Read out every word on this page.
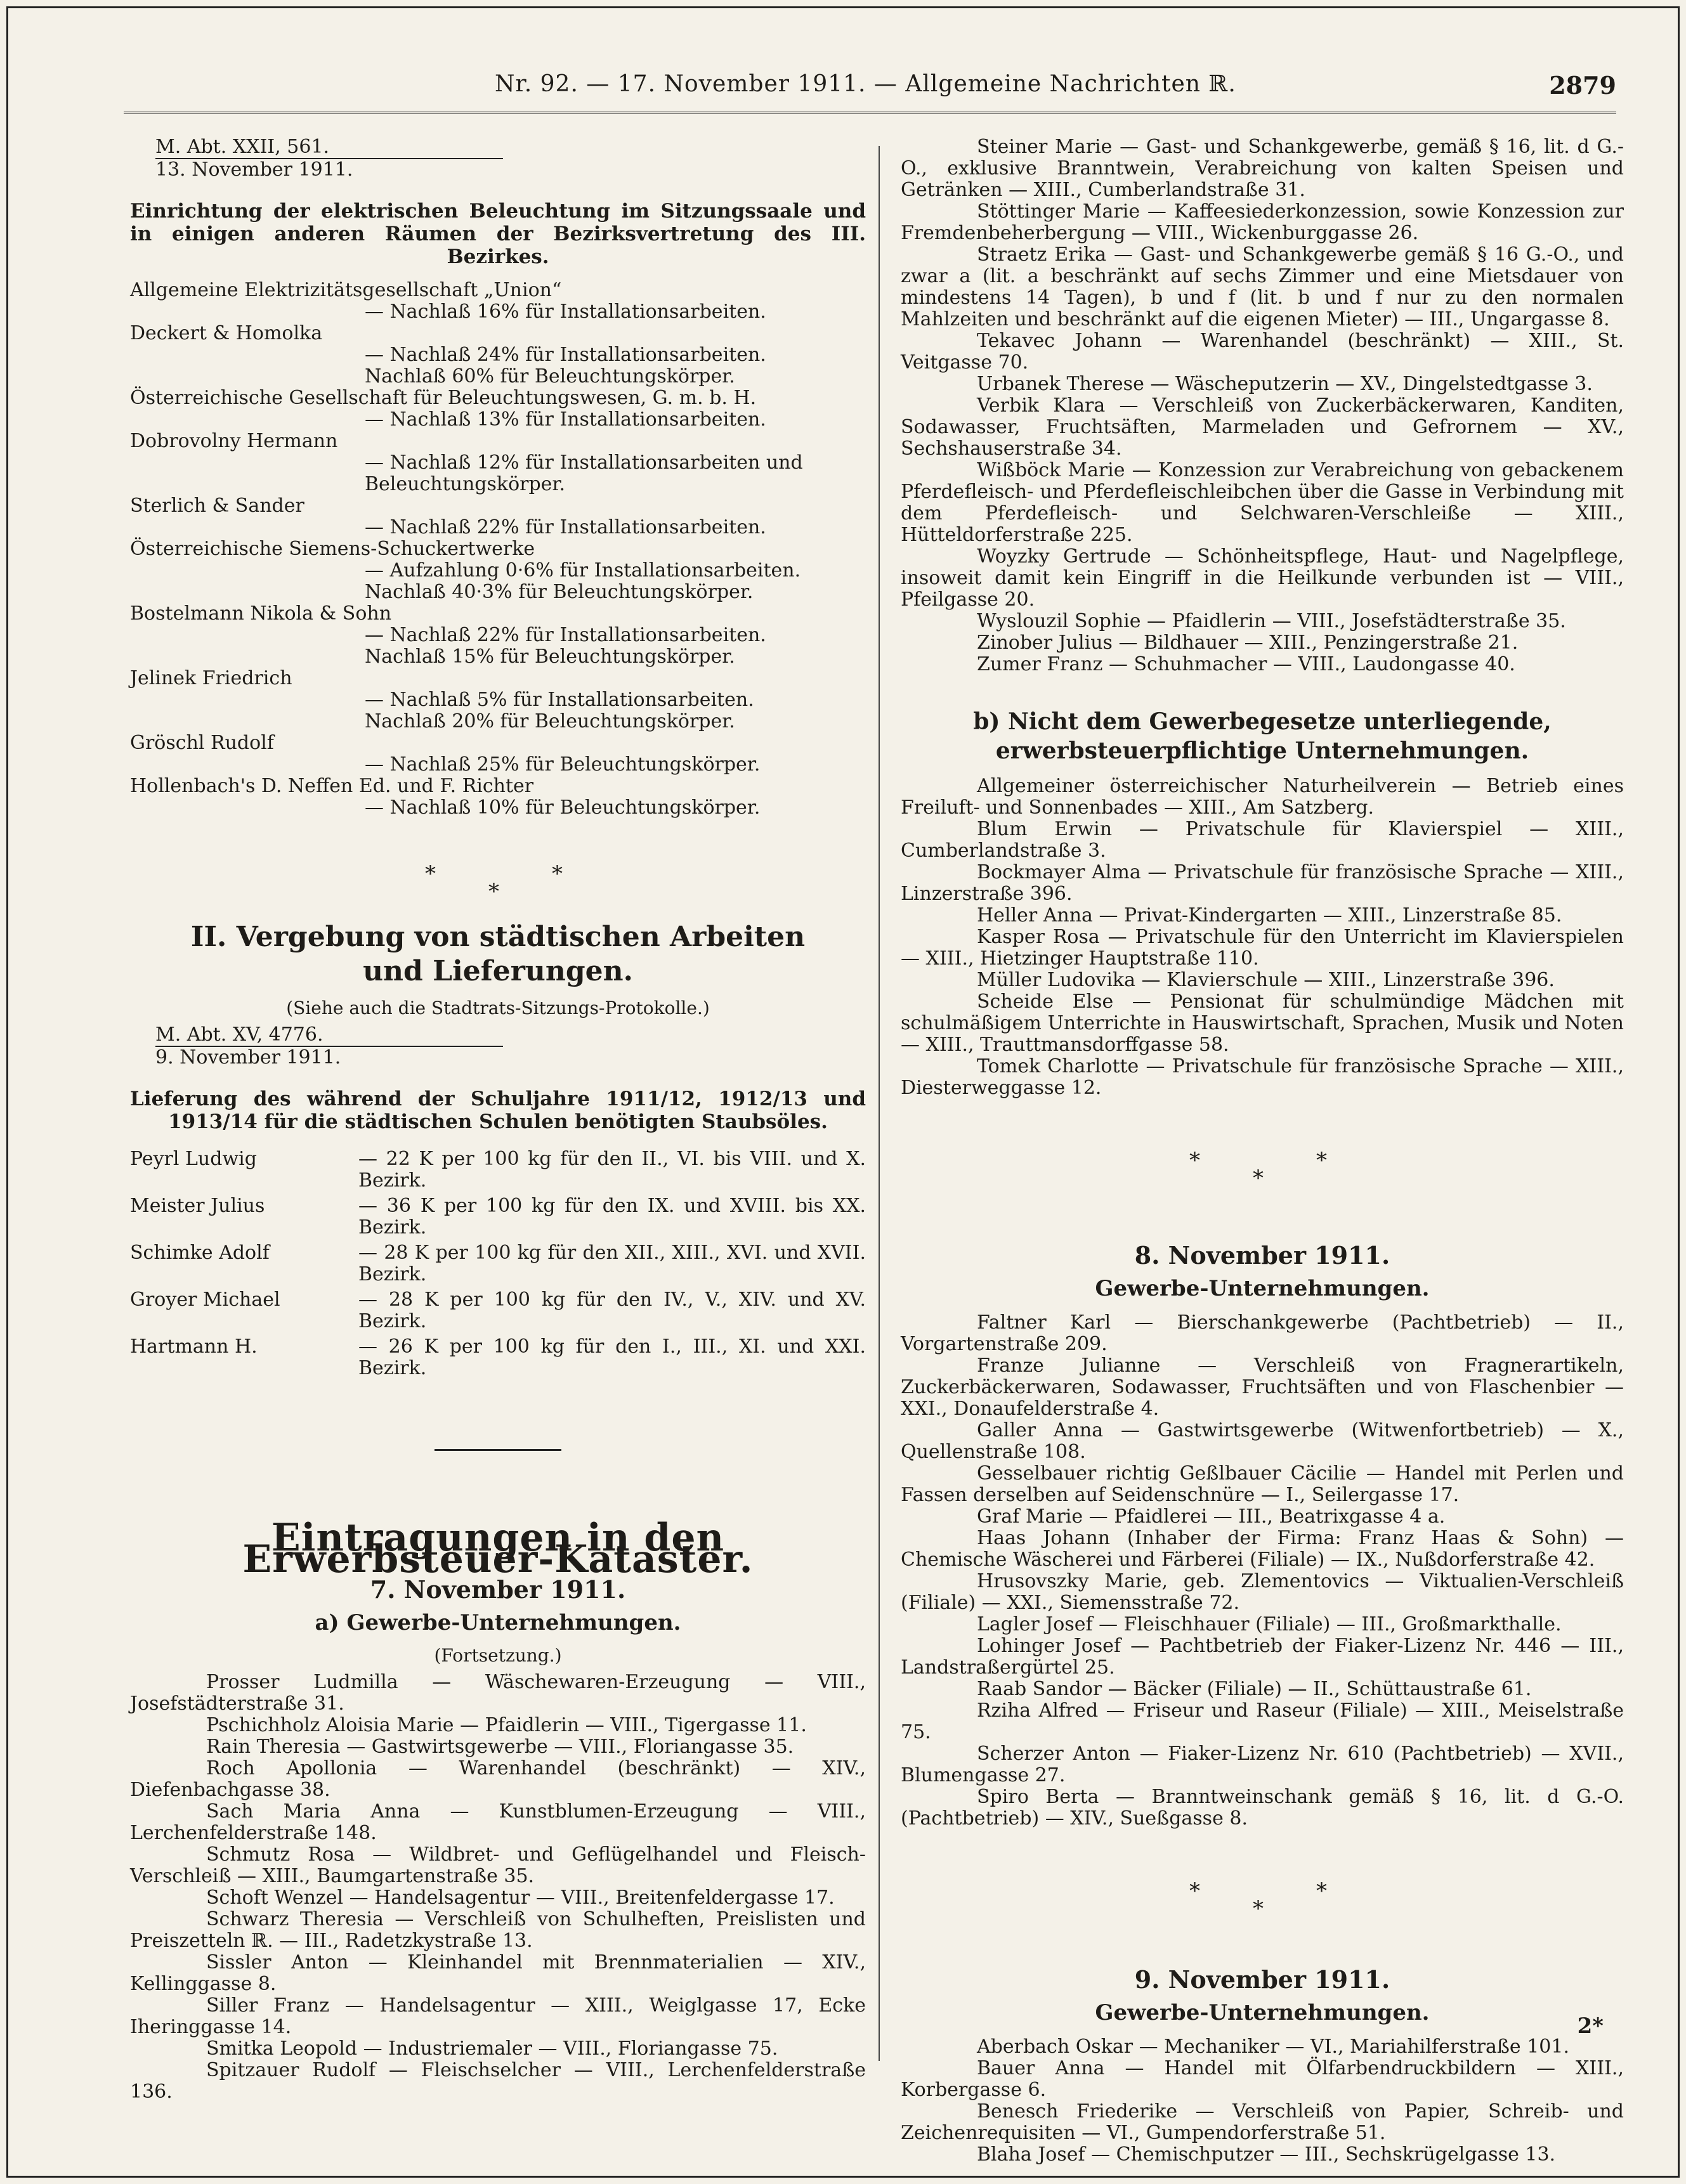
Nr. 92. — 17. November 1911. — Allgemeine Nachrichten ℝ.	2879

M. Abt. XXII, 561.

13. November 1911.

Einrichtung der elektrischen Beleuchtung im Sitzungssaale und in einigen anderen Räumen der Bezirksvertretung des III. Bezirkes.

Allgemeine Elektrizitätsgesellschaft „Union“

— Nachlaß 16% für Installationsarbeiten.

Deckert & Homolka

— Nachlaß 24% für Installationsarbeiten.

Nachlaß 60% für Beleuchtungskörper.

Österreichische Gesellschaft für Beleuchtungswesen, G. m. b. H.

— Nachlaß 13% für Installationsarbeiten.

Dobrovolny Hermann

— Nachlaß 12% für Installationsarbeiten und Beleuchtungskörper.

Sterlich & Sander

— Nachlaß 22% für Installationsarbeiten.

Österreichische Siemens-Schuckertwerke

— Aufzahlung 0·6% für Installationsarbeiten.

Nachlaß 40·3% für Beleuchtungskörper.

Bostelmann Nikola & Sohn

— Nachlaß 22% für Installationsarbeiten.

Nachlaß 15% für Beleuchtungskörper.

Jelinek Friedrich

— Nachlaß 5% für Installationsarbeiten.

Nachlaß 20% für Beleuchtungskörper.

Gröschl Rudolf

— Nachlaß 25% für Beleuchtungskörper.

Hollenbach's D. Neffen Ed. und F. Richter

— Nachlaß 10% für Beleuchtungskörper.

*	*
*

II. Vergebung von städtischen Arbeiten und Lieferungen.

(Siehe auch die Stadtrats-Sitzungs-Protokolle.)

M. Abt. XV, 4776.

9. November 1911.

Lieferung des während der Schuljahre 1911/12, 1912/13 und 1913/14 für die städtischen Schulen benötigten Staubsöles.

Peyrl Ludwig	— 22 K per 100 kg für den II., VI. bis VIII. und X. Bezirk.
Meister Julius	— 36 K per 100 kg für den IX. und XVIII. bis XX. Bezirk.
Schimke Adolf	— 28 K per 100 kg für den XII., XIII., XVI. und XVII. Bezirk.
Groyer Michael	— 28 K per 100 kg für den IV., V., XIV. und XV. Bezirk.
Hartmann H.	— 26 K per 100 kg für den I., III., XI. und XXI. Bezirk.

Eintragungen in den Erwerbsteuer-Kataster.

7. November 1911.

a) Gewerbe-Unternehmungen.

(Fortsetzung.)

Prosser Ludmilla — Wäschewaren-Erzeugung — VIII., Josefstädterstraße 31.

Pschichholz Aloisia Marie — Pfaidlerin — VIII., Tigergasse 11.

Rain Theresia — Gastwirtsgewerbe — VIII., Floriangasse 35.

Roch Apollonia — Warenhandel (beschränkt) — XIV., Diefenbachgasse 38.

Sach Maria Anna — Kunstblumen-Erzeugung — VIII., Lerchenfelderstraße 148.

Schmutz Rosa — Wildbret- und Geflügelhandel und Fleisch-Verschleiß — XIII., Baumgartenstraße 35.

Schoft Wenzel — Handelsagentur — VIII., Breitenfeldergasse 17.

Schwarz Theresia — Verschleiß von Schulheften, Preislisten und Preiszetteln ℝ. — III., Radetzkystraße 13.

Sissler Anton — Kleinhandel mit Brennmaterialien — XIV., Kellinggasse 8.

Siller Franz — Handelsagentur — XIII., Weiglgasse 17, Ecke Iheringgasse 14.

Smitka Leopold — Industriemaler — VIII., Floriangasse 75.

Spitzauer Rudolf — Fleischselcher — VIII., Lerchenfelderstraße 136.

Steiner Marie — Gast- und Schankgewerbe, gemäß § 16, lit. d G.-O., exklusive Branntwein, Verabreichung von kalten Speisen und Getränken — XIII., Cumberlandstraße 31.

Stöttinger Marie — Kaffeesiederkonzession, sowie Konzession zur Fremdenbeherbergung — VIII., Wickenburggasse 26.

Straetz Erika — Gast- und Schankgewerbe gemäß § 16 G.-O., und zwar a (lit. a beschränkt auf sechs Zimmer und eine Mietsdauer von mindestens 14 Tagen), b und f (lit. b und f nur zu den normalen Mahlzeiten und beschränkt auf die eigenen Mieter) — III., Ungargasse 8.

Tekavec Johann — Warenhandel (beschränkt) — XIII., St. Veitgasse 70.

Urbanek Therese — Wäscheputzerin — XV., Dingelstedtgasse 3.

Verbik Klara — Verschleiß von Zuckerbäckerwaren, Kanditen, Sodawasser, Fruchtsäften, Marmeladen und Gefrornem — XV., Sechshauserstraße 34.

Wißböck Marie — Konzession zur Verabreichung von gebackenem Pferdefleisch- und Pferdefleischleibchen über die Gasse in Verbindung mit dem Pferdefleisch- und Selchwaren-Verschleiße — XIII., Hütteldorferstraße 225.

Woyzky Gertrude — Schönheitspflege, Haut- und Nagelpflege, insoweit damit kein Eingriff in die Heilkunde verbunden ist — VIII., Pfeilgasse 20.

Wyslouzil Sophie — Pfaidlerin — VIII., Josefstädterstraße 35.

Zinober Julius — Bildhauer — XIII., Penzingerstraße 21.

Zumer Franz — Schuhmacher — VIII., Laudongasse 40.

b) Nicht dem Gewerbegesetze unterliegende, erwerbsteuerpflichtige Unternehmungen.

Allgemeiner österreichischer Naturheilverein — Betrieb eines Freiluft- und Sonnenbades — XIII., Am Satzberg.

Blum Erwin — Privatschule für Klavierspiel — XIII., Cumberlandstraße 3.

Bockmayer Alma — Privatschule für französische Sprache — XIII., Linzerstraße 396.

Heller Anna — Privat-Kindergarten — XIII., Linzerstraße 85.

Kasper Rosa — Privatschule für den Unterricht im Klavierspielen — XIII., Hietzinger Hauptstraße 110.

Müller Ludovika — Klavierschule — XIII., Linzerstraße 396.

Scheide Else — Pensionat für schulmündige Mädchen mit schulmäßigem Unterrichte in Hauswirtschaft, Sprachen, Musik und Noten — XIII., Trauttmansdorffgasse 58.

Tomek Charlotte — Privatschule für französische Sprache — XIII., Diesterweggasse 12.

*	*
*

8. November 1911.

Gewerbe-Unternehmungen.

Faltner Karl — Bierschankgewerbe (Pachtbetrieb) — II., Vorgartenstraße 209.

Franze Julianne — Verschleiß von Fragnerartikeln, Zuckerbäckerwaren, Sodawasser, Fruchtsäften und von Flaschenbier — XXI., Donaufelderstraße 4.

Galler Anna — Gastwirtsgewerbe (Witwenfortbetrieb) — X., Quellenstraße 108.

Gesselbauer richtig Geßlbauer Cäcilie — Handel mit Perlen und Fassen derselben auf Seidenschnüre — I., Seilergasse 17.

Graf Marie — Pfaidlerei — III., Beatrixgasse 4 a.

Haas Johann (Inhaber der Firma: Franz Haas & Sohn) — Chemische Wäscherei und Färberei (Filiale) — IX., Nußdorferstraße 42.

Hrusovszky Marie, geb. Zlementovics — Viktualien-Verschleiß (Filiale) — XXI., Siemensstraße 72.

Lagler Josef — Fleischhauer (Filiale) — III., Großmarkthalle.

Lohinger Josef — Pachtbetrieb der Fiaker-Lizenz Nr. 446 — III., Landstraßergürtel 25.

Raab Sandor — Bäcker (Filiale) — II., Schüttaustraße 61.

Rziha Alfred — Friseur und Raseur (Filiale) — XIII., Meiselstraße 75.

Scherzer Anton — Fiaker-Lizenz Nr. 610 (Pachtbetrieb) — XVII., Blumengasse 27.

Spiro Berta — Branntweinschank gemäß § 16, lit. d G.-O. (Pachtbetrieb) — XIV., Sueßgasse 8.

*	*
*

9. November 1911.

Gewerbe-Unternehmungen.

Aberbach Oskar — Mechaniker — VI., Mariahilferstraße 101.

Bauer Anna — Handel mit Ölfarbendruckbildern — XIII., Korbergasse 6.

Benesch Friederike — Verschleiß von Papier, Schreib- und Zeichenrequisiten — VI., Gumpendorferstraße 51.

Blaha Josef — Chemischputzer — III., Sechskrügelgasse 13.

2*
